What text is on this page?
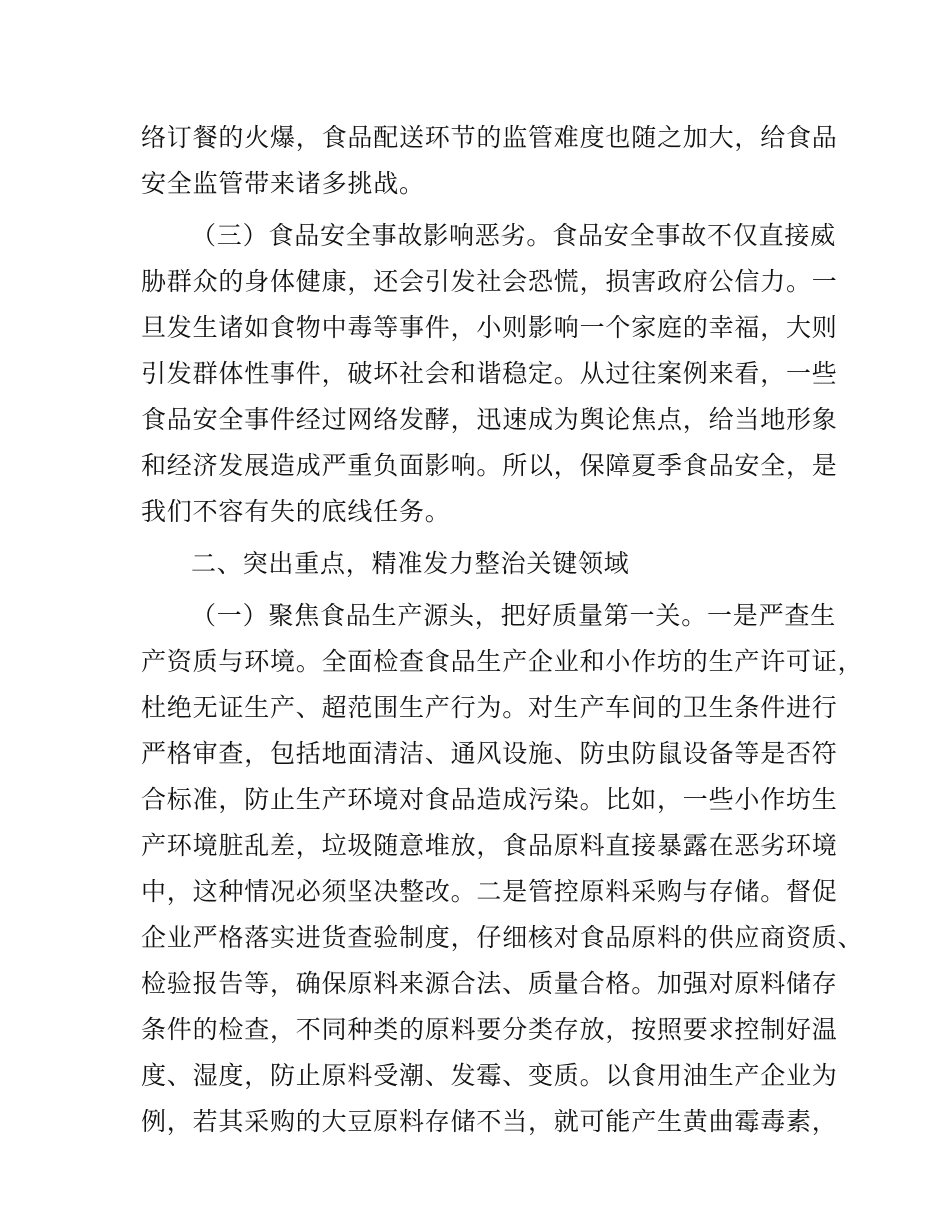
络订餐的火爆，食品配送环节的监管难度也随之加大，给食品
安全监管带来诸多挑战。
（三）食品安全事故影响恶劣。食品安全事故不仅直接威
胁群众的身体健康，还会引发社会恐慌，损害政府公信力。一
旦发生诸如食物中毒等事件，小则影响一个家庭的幸福，大则
引发群体性事件，破坏社会和谐稳定。从过往案例来看，一些
食品安全事件经过网络发酵，迅速成为舆论焦点，给当地形象
和经济发展造成严重负面影响。所以，保障夏季食品安全，是
我们不容有失的底线任务。
二、突出重点，精准发力整治关键领域
（一）聚焦食品生产源头，把好质量第一关。一是严查生
产资质与环境。全面检查食品生产企业和小作坊的生产许可证，
杜绝无证生产、超范围生产行为。对生产车间的卫生条件进行
严格审查，包括地面清洁、通风设施、防虫防鼠设备等是否符
合标准，防止生产环境对食品造成污染。比如，一些小作坊生
产环境脏乱差，垃圾随意堆放，食品原料直接暴露在恶劣环境
中，这种情况必须坚决整改。二是管控原料采购与存储。督促
企业严格落实进货查验制度，仔细核对食品原料的供应商资质、
检验报告等，确保原料来源合法、质量合格。加强对原料储存
条件的检查，不同种类的原料要分类存放，按照要求控制好温
度、湿度，防止原料受潮、发霉、变质。以食用油生产企业为
例，若其采购的大豆原料存储不当，就可能产生黄曲霉毒素，
